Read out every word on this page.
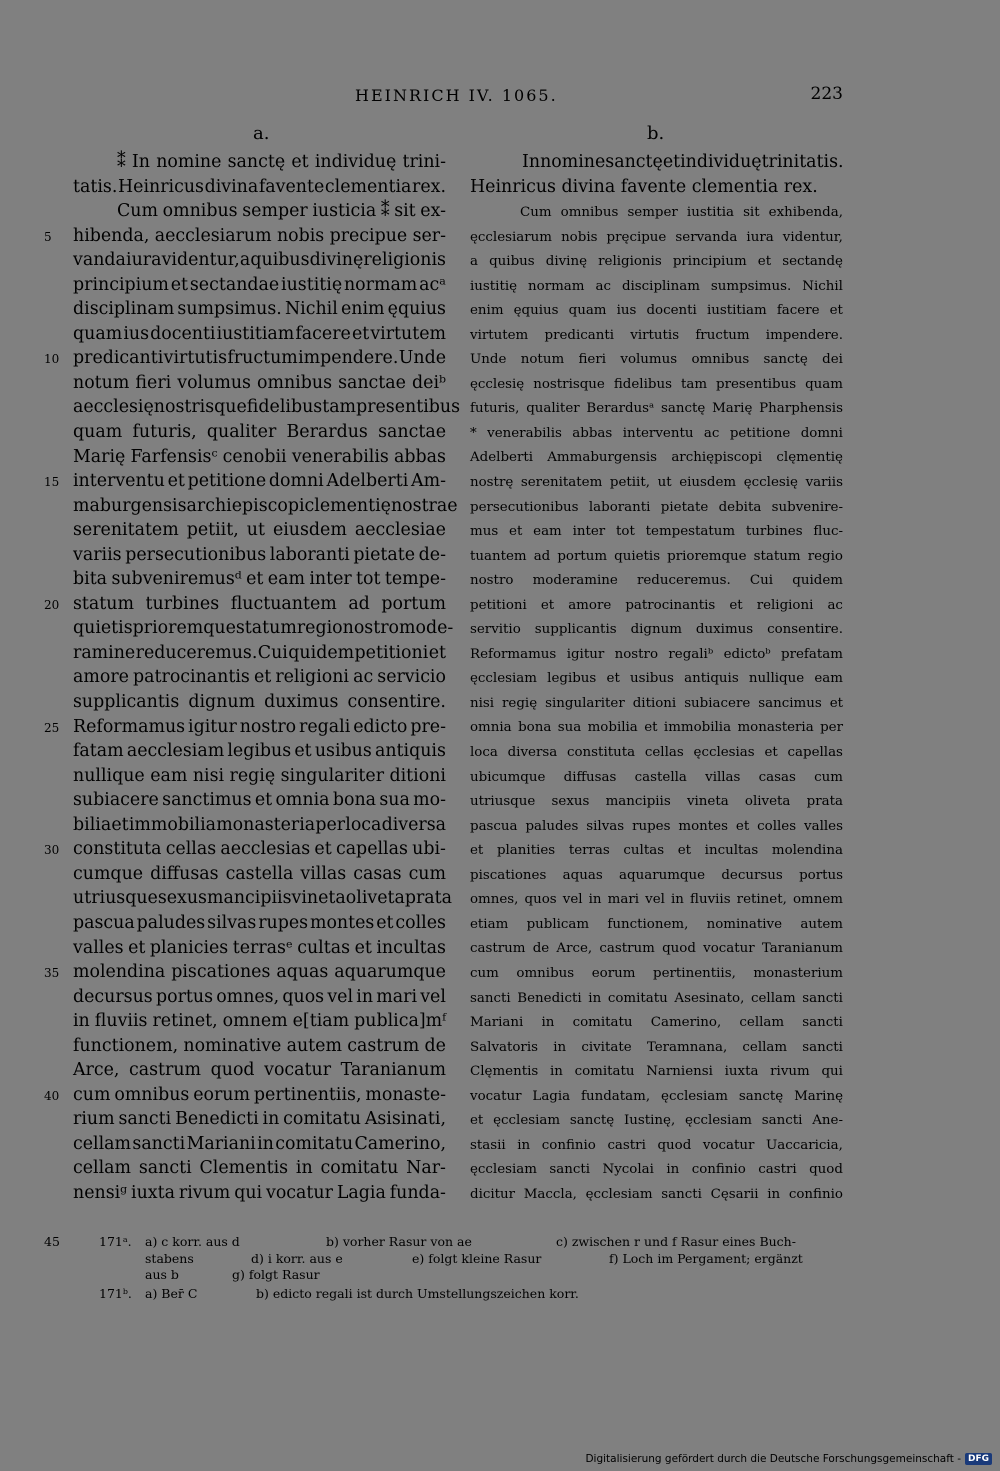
HEINRICH IV. 1065.	223
a.	b.
⁑ In nomine sanctę et individuę trini-
tatis. Heinricus divina favente clementia rex.
Cum omnibus semper iusticia ⁑ sit ex-
hibenda, aecclesiarum nobis precipue ser-
vanda iura videntur, a quibus divinę religionis
principium et sectandae iustitię normam acᵃ
disciplinam sumpsimus. Nichil enim ęquius
quam ius docenti iustitiam facere et virtutem
predicanti virtutis fructum impendere. Unde
notum fieri volumus omnibus sanctae deiᵇ
aecclesię nostrisque fidelibus tam presentibus
quam futuris, qualiter Berardus sanctae
Marię Farfensisᶜ cenobii venerabilis abbas
interventu et petitione domni Adelberti Am-
maburgensis archiepiscopi clementię nostrae
serenitatem petiit, ut eiusdem aecclesiae
variis persecutionibus laboranti pietate de-
bita subveniremusᵈ et eam inter tot tempe-
statum turbines fluctuantem ad portum
quietis prioremque statum regio nostro mode-
ramine reduceremus. Cui quidem petitioni et
amore patrocinantis et religioni ac servicio
supplicantis dignum duximus consentire.
Reformamus igitur nostro regali edicto pre-
fatam aecclesiam legibus et usibus antiquis
nullique eam nisi regię singulariter ditioni
subiacere sanctimus et omnia bona sua mo-
bilia et immobilia monasteria per loca diversa
constituta cellas aecclesias et capellas ubi-
cumque diffusas castella villas casas cum
utriusque sexus mancipiis vineta oliveta prata
pascua paludes silvas rupes montes et colles
valles et planicies terrasᵉ cultas et incultas
molendina piscationes aquas aquarumque
decursus portus omnes, quos vel in mari vel
in fluviis retinet, omnem e[tiam publica]mᶠ
functionem, nominative autem castrum de
Arce, castrum quod vocatur Taranianum
cum omnibus eorum pertinentiis, monaste-
rium sancti Benedicti in comitatu Asisinati,
cellam sancti Mariani in comitatu Camerino,
cellam sancti Clementis in comitatu Nar-
nensiᵍ iuxta rivum qui vocatur Lagia funda-
5
10
15
20
25
30
35
40
In nomine sanctę et individuę trinitatis.
Heinricus divina favente clementia rex.
Cum omnibus semper iustitia sit exhibenda,
ęcclesiarum nobis pręcipue servanda iura videntur,
a quibus divinę religionis principium et sectandę
iustitię normam ac disciplinam sumpsimus. Nichil
enim ęquius quam ius docenti iustitiam facere et
virtutem predicanti virtutis fructum impendere.
Unde notum fieri volumus omnibus sanctę dei
ęcclesię nostrisque fidelibus tam presentibus quam
futuris, qualiter Berardusᵃ sanctę Marię Pharphensis
* venerabilis abbas interventu ac petitione domni
Adelberti Ammaburgensis archiępiscopi clęmentię
nostrę serenitatem petiit, ut eiusdem ęcclesię variis
persecutionibus laboranti pietate debita subvenire-
mus et eam inter tot tempestatum turbines fluc-
tuantem ad portum quietis prioremque statum regio
nostro moderamine reduceremus. Cui quidem
petitioni et amore patrocinantis et religioni ac
servitio supplicantis dignum duximus consentire.
Reformamus igitur nostro regaliᵇ edictoᵇ prefatam
ęcclesiam legibus et usibus antiquis nullique eam
nisi regię singulariter ditioni subiacere sancimus et
omnia bona sua mobilia et immobilia monasteria per
loca diversa constituta cellas ęcclesias et capellas
ubicumque diffusas castella villas casas cum
utriusque sexus mancipiis vineta oliveta prata
pascua paludes silvas rupes montes et colles valles
et planities terras cultas et incultas molendina
piscationes aquas aquarumque decursus portus
omnes, quos vel in mari vel in fluviis retinet, omnem
etiam publicam functionem, nominative autem
castrum de Arce, castrum quod vocatur Taranianum
cum omnibus eorum pertinentiis, monasterium
sancti Benedicti in comitatu Asesinato, cellam sancti
Mariani in comitatu Camerino, cellam sancti
Salvatoris in civitate Teramnana, cellam sancti
Clęmentis in comitatu Narniensi iuxta rivum qui
vocatur Lagia fundatam, ęcclesiam sanctę Marinę
et ęcclesiam sanctę Iustinę, ęcclesiam sancti Ane-
stasii in confinio castri quod vocatur Uaccaricia,
ęcclesiam sancti Nycolai in confinio castri quod
dicitur Maccla, ęcclesiam sancti Cęsarii in confinio
45	171ᵃ. a) c korr. aus d	b) vorher Rasur von ae	c) zwischen r und f Rasur eines Buch-
stabens	d) i korr. aus e	e) folgt kleine Rasur	f) Loch im Pergament; ergänzt
aus b	g) folgt Rasur
171ᵇ. a) Ber̄ C	b) edicto regali ist durch Umstellungszeichen korr.
Digitalisierung gefördert durch die Deutsche Forschungsgemeinschaft - DFG
